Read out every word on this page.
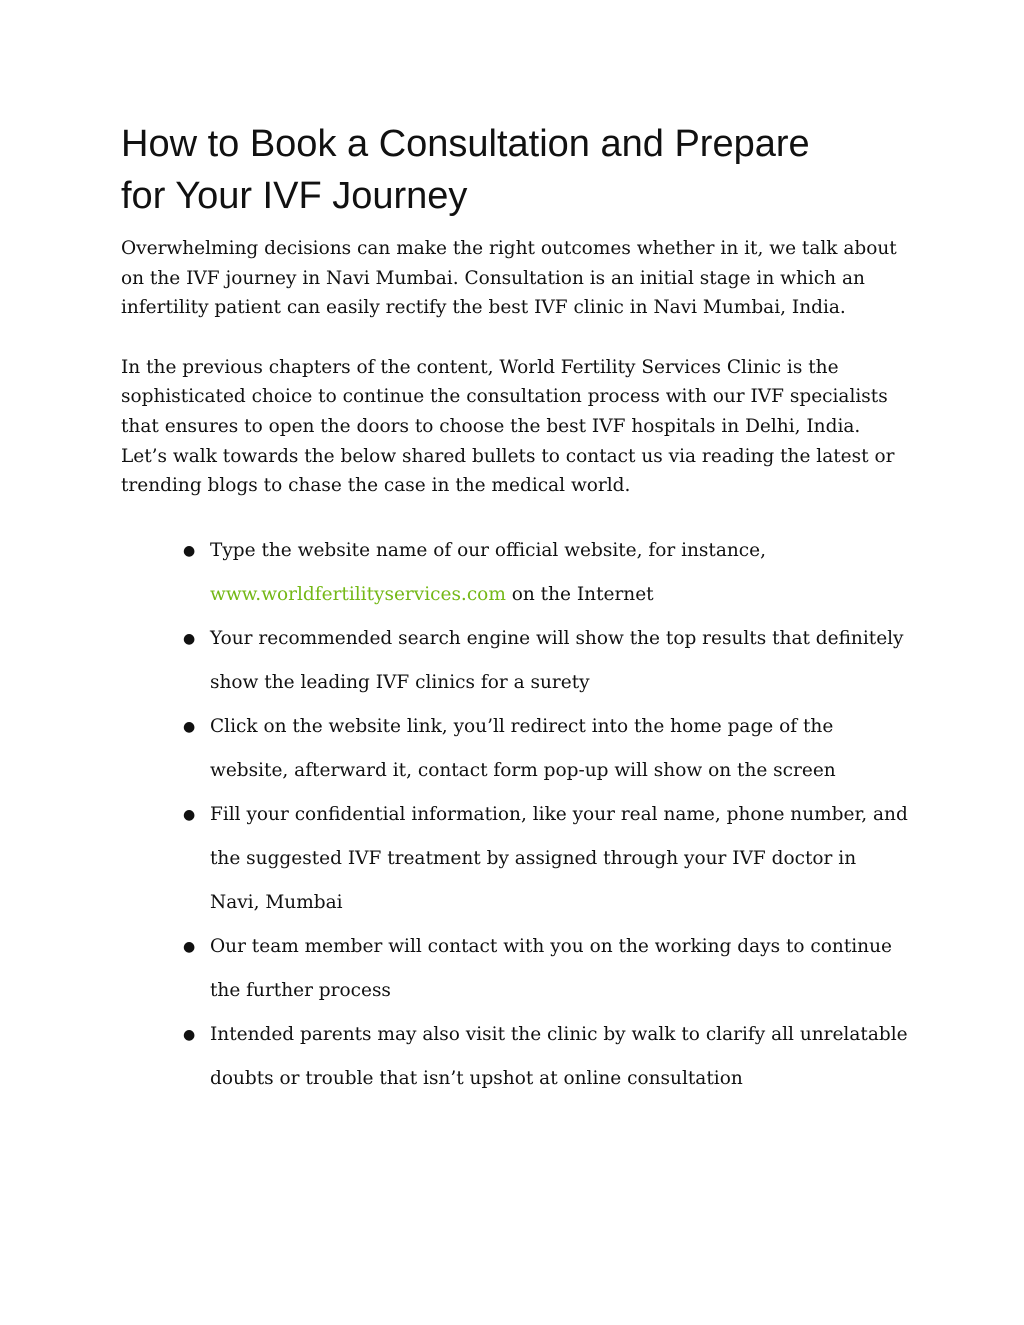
How to Book a Consultation and Prepare
for Your IVF Journey

Overwhelming decisions can make the right outcomes whether in it, we talk about on the IVF journey in Navi Mumbai. Consultation is an initial stage in which an infertility patient can easily rectify the best IVF clinic in Navi Mumbai, India.

In the previous chapters of the content, World Fertility Services Clinic is the sophisticated choice to continue the consultation process with our IVF specialists that ensures to open the doors to choose the best IVF hospitals in Delhi, India. Let’s walk towards the below shared bullets to contact us via reading the latest or trending blogs to chase the case in the medical world.

● Type the website name of our official website, for instance,
www.worldfertilityservices.com on the Internet
● Your recommended search engine will show the top results that definitely show the leading IVF clinics for a surety
● Click on the website link, you’ll redirect into the home page of the website, afterward it, contact form pop-up will show on the screen
● Fill your confidential information, like your real name, phone number, and the suggested IVF treatment by assigned through your IVF doctor in Navi, Mumbai
● Our team member will contact with you on the working days to continue the further process
● Intended parents may also visit the clinic by walk to clarify all unrelatable doubts or trouble that isn’t upshot at online consultation
